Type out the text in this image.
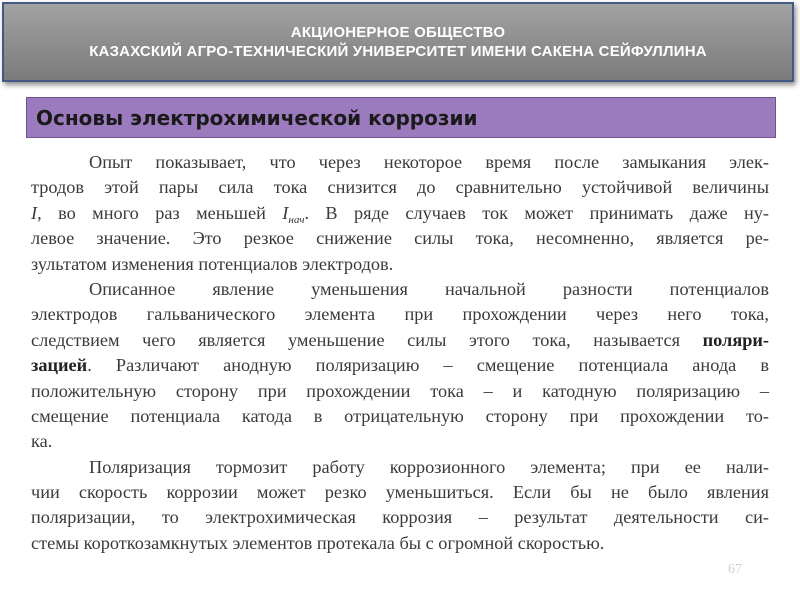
АКЦИОНЕРНОЕ ОБЩЕСТВО
КАЗАХСКИЙ АГРО-ТЕХНИЧЕСКИЙ УНИВЕРСИТЕТ ИМЕНИ САКЕНА СЕЙФУЛЛИНА
Основы электрохимической коррозии
Опыт показывает, что через некоторое время после замыкания элек-
тродов этой пары сила тока снизится до сравнительно устойчивой величины
I, во много раз меньшей $I_{нач}$. В ряде случаев ток может принимать даже ну-
левое значение. Это резкое снижение силы тока, несомненно, является ре-
зультатом изменения потенциалов электродов.
Описанное явление уменьшения начальной разности потенциалов
электродов гальванического элемента при прохождении через него тока,
следствием чего является уменьшение силы этого тока, называется поляри-
зацией. Различают анодную поляризацию – смещение потенциала анода в
положительную сторону при прохождении тока – и катодную поляризацию –
смещение потенциала катода в отрицательную сторону при прохождении то-
ка.
Поляризация тормозит работу коррозионного элемента; при ее нали-
чии скорость коррозии может резко уменьшиться. Если бы не было явления
поляризации, то электрохимическая коррозия – результат деятельности си-
стемы короткозамкнутых элементов протекала бы с огромной скоростью.
67
